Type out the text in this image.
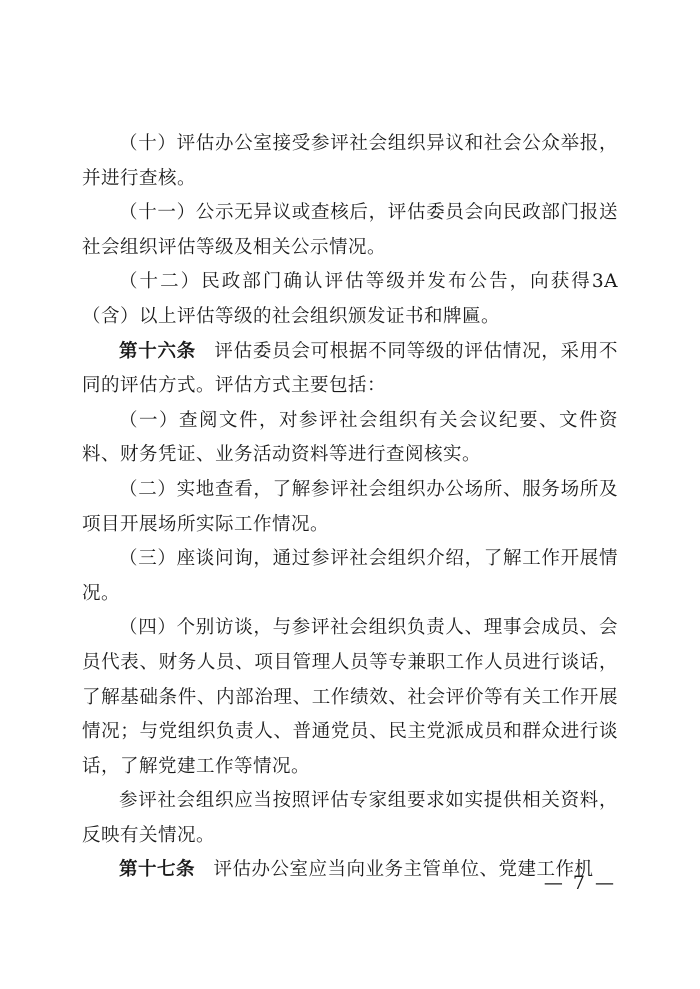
（十）评估办公室接受参评社会组织异议和社会公众举报，并进行查核。

（十一）公示无异议或查核后，评估委员会向民政部门报送社会组织评估等级及相关公示情况。

（十二）民政部门确认评估等级并发布公告，向获得3A（含）以上评估等级的社会组织颁发证书和牌匾。

第十六条 评估委员会可根据不同等级的评估情况，采用不同的评估方式。评估方式主要包括：

（一）查阅文件，对参评社会组织有关会议纪要、文件资料、财务凭证、业务活动资料等进行查阅核实。

（二）实地查看，了解参评社会组织办公场所、服务场所及项目开展场所实际工作情况。

（三）座谈问询，通过参评社会组织介绍，了解工作开展情况。

（四）个别访谈，与参评社会组织负责人、理事会成员、会员代表、财务人员、项目管理人员等专兼职工作人员进行谈话，了解基础条件、内部治理、工作绩效、社会评价等有关工作开展情况；与党组织负责人、普通党员、民主党派成员和群众进行谈话，了解党建工作等情况。

参评社会组织应当按照评估专家组要求如实提供相关资料，反映有关情况。

第十七条 评估办公室应当向业务主管单位、党建工作机

— 7 —
